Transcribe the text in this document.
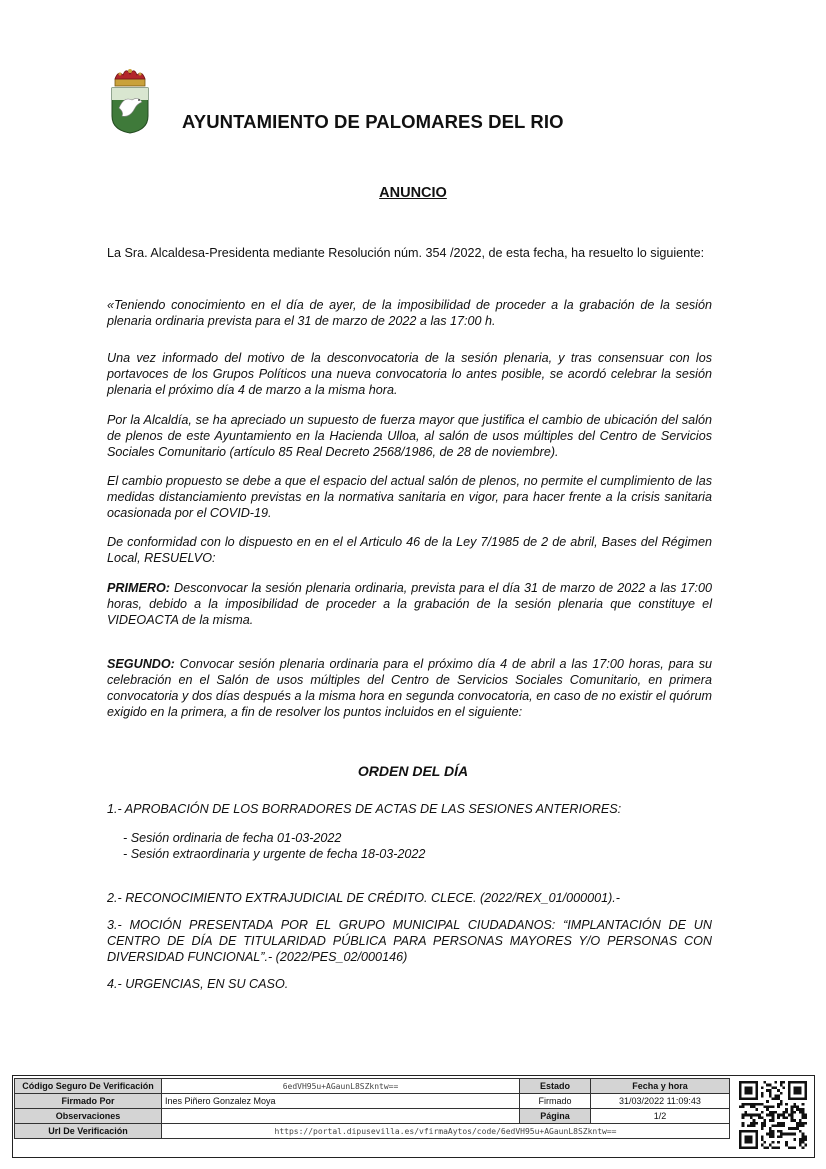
AYUNTAMIENTO DE PALOMARES DEL RIO
ANUNCIO
La Sra. Alcaldesa-Presidenta mediante Resolución núm. 354 /2022, de esta fecha, ha resuelto lo siguiente:
«Teniendo conocimiento en el día de ayer, de la imposibilidad de proceder a la grabación de la sesión plenaria ordinaria prevista para el 31 de marzo de 2022 a las 17:00 h.
Una vez informado del motivo de la desconvocatoria de la sesión plenaria, y tras consensuar con los portavoces de los Grupos Políticos una nueva convocatoria lo antes posible, se acordó celebrar la sesión plenaria el próximo día 4 de marzo a la misma hora.
Por la Alcaldía, se ha apreciado un supuesto de fuerza mayor que justifica el cambio de ubicación del salón de plenos de este Ayuntamiento en la Hacienda Ulloa, al salón de usos múltiples del Centro de Servicios Sociales Comunitario (artículo 85 Real Decreto 2568/1986, de 28 de noviembre).
El cambio propuesto se debe a que el espacio del actual salón de plenos, no permite el cumplimiento de las medidas distanciamiento previstas en la normativa sanitaria en vigor, para hacer frente a la crisis sanitaria ocasionada por el COVID-19.
De conformidad con lo dispuesto en en el el Articulo 46 de la Ley 7/1985 de 2 de abril, Bases del Régimen Local, RESUELVO:
PRIMERO: Desconvocar la sesión plenaria ordinaria, prevista para el día 31 de marzo de 2022 a las 17:00 horas, debido a la imposibilidad de proceder a la grabación de la sesión plenaria que constituye el VIDEOACTA de la misma.
SEGUNDO: Convocar sesión plenaria ordinaria para el próximo día 4 de abril a las 17:00 horas, para su celebración en el Salón de usos múltiples del Centro de Servicios Sociales Comunitario, en primera convocatoria y dos días después a la misma hora en segunda convocatoria, en caso de no existir el quórum exigido en la primera, a fin de resolver los puntos incluidos en el siguiente:
ORDEN DEL DÍA
1.- APROBACIÓN DE LOS BORRADORES DE ACTAS DE LAS SESIONES ANTERIORES:
- Sesión ordinaria de fecha 01-03-2022
- Sesión extraordinaria y urgente de fecha 18-03-2022
2.- RECONOCIMIENTO EXTRAJUDICIAL DE CRÉDITO. CLECE. (2022/REX_01/000001).-
3.- MOCIÓN PRESENTADA POR EL GRUPO MUNICIPAL CIUDADANOS: “IMPLANTACIÓN DE UN CENTRO DE DÍA DE TITULARIDAD PÚBLICA PARA PERSONAS MAYORES Y/O PERSONAS CON DIVERSIDAD FUNCIONAL”.- (2022/PES_02/000146)
4.- URGENCIAS, EN SU CASO.
Código Seguro De Verificación	6edVH95u+AGaunL8SZkntw==	Estado	Fecha y hora
Firmado Por	Ines Piñero Gonzalez Moya	Firmado	31/03/2022 11:09:43
Observaciones		Página	1/2
Url De Verificación	https://portal.dipusevilla.es/vfirmaAytos/code/6edVH95u+AGaunL8SZkntw==		
